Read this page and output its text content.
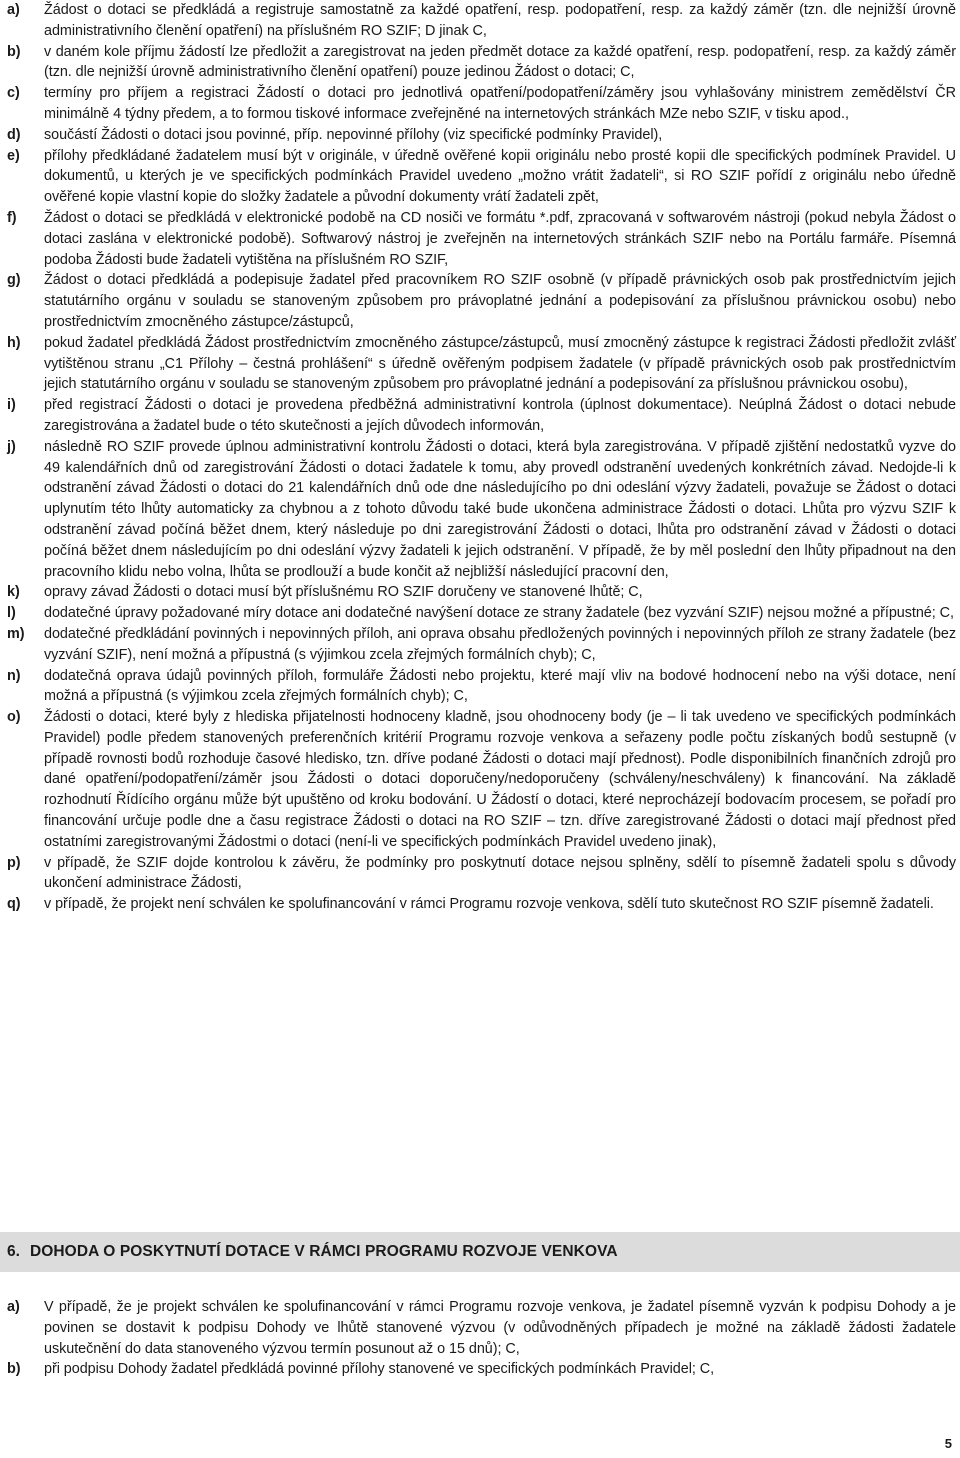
a)	Žádost o dotaci se předkládá a registruje samostatně za každé opatření, resp. podopatření, resp. za každý záměr (tzn. dle nejnižší úrovně administrativního členění opatření) na příslušném RO SZIF; D jinak C,
b)	v daném kole příjmu žádostí lze předložit a zaregistrovat na jeden předmět dotace za každé opatření, resp. podopatření, resp. za každý záměr (tzn. dle nejnižší úrovně administrativního členění opatření) pouze jedinou Žádost o dotaci; C,
c)	termíny pro příjem a registraci Žádostí o dotaci pro jednotlivá opatření/podopatření/záměry jsou vyhlašovány ministrem zemědělství ČR minimálně 4 týdny předem, a to formou tiskové informace zveřejněné na internetových stránkách MZe nebo SZIF, v tisku apod.,
d)	součástí Žádosti o dotaci jsou povinné, příp. nepovinné přílohy (viz specifické podmínky Pravidel),
e)	přílohy předkládané žadatelem musí být v originále, v úředně ověřené kopii originálu nebo prosté kopii dle specifických podmínek Pravidel. U dokumentů, u kterých je ve specifických podmínkách Pravidel uvedeno „možno vrátit žadateli“, si RO SZIF pořídí z originálu nebo úředně ověřené kopie vlastní kopie do složky žadatele a původní dokumenty vrátí žadateli zpět,
f)	Žádost o dotaci se předkládá v elektronické podobě na CD nosiči ve formátu *.pdf, zpracovaná v softwarovém nástroji (pokud nebyla Žádost o dotaci zaslána v elektronické podobě). Softwarový nástroj je zveřejněn na internetových stránkách SZIF nebo na Portálu farmáře. Písemná podoba Žádosti bude žadateli vytištěna na příslušném RO SZIF,
g)	Žádost o dotaci předkládá a podepisuje žadatel před pracovníkem RO SZIF osobně (v případě právnických osob pak prostřednictvím jejich statutárního orgánu v souladu se stanoveným způsobem pro právoplatné jednání a podepisování za příslušnou právnickou osobu) nebo prostřednictvím zmocněného zástupce/zástupců,
h)	pokud žadatel předkládá Žádost prostřednictvím zmocněného zástupce/zástupců, musí zmocněný zástupce k registraci Žádosti předložit zvlášť vytištěnou stranu „C1 Přílohy – čestná prohlášení“ s úředně ověřeným podpisem žadatele (v případě právnických osob pak prostřednictvím jejich statutárního orgánu v souladu se stanoveným způsobem pro právoplatné jednání a podepisování za příslušnou právnickou osobu),
i)	před registrací Žádosti o dotaci je provedena předběžná administrativní kontrola (úplnost dokumentace). Neúplná Žádost o dotaci nebude zaregistrována a žadatel bude o této skutečnosti a jejích důvodech informován,
j)	následně RO SZIF provede úplnou administrativní kontrolu Žádosti o dotaci, která byla zaregistrována. V případě zjištění nedostatků vyzve do 49 kalendářních dnů od zaregistrování Žádosti o dotaci žadatele k tomu, aby provedl odstranění uvedených konkrétních závad. Nedojde-li k odstranění závad Žádosti o dotaci do 21 kalendářních dnů ode dne následujícího po dni odeslání výzvy žadateli, považuje se Žádost o dotaci uplynutím této lhůty automaticky za chybnou a z tohoto důvodu také bude ukončena administrace Žádosti o dotaci. Lhůta pro výzvu SZIF k odstranění závad počíná běžet dnem, který následuje po dni zaregistrování Žádosti o dotaci, lhůta pro odstranění závad v Žádosti o dotaci počíná běžet dnem následujícím po dni odeslání výzvy žadateli k jejich odstranění. V případě, že by měl poslední den lhůty připadnout na den pracovního klidu nebo volna, lhůta se prodlouží a bude končit až nejbližší následující pracovní den,
k)	opravy závad Žádosti o dotaci musí být příslušnému RO SZIF doručeny ve stanovené lhůtě; C,
l)	dodatečné úpravy požadované míry dotace ani dodatečné navýšení dotace ze strany žadatele (bez vyzvání SZIF) nejsou možné a přípustné; C,
m)	dodatečné předkládání povinných i nepovinných příloh, ani oprava obsahu předložených povinných i nepovinných příloh ze strany žadatele (bez vyzvání SZIF), není možná a přípustná (s výjimkou zcela zřejmých formálních chyb); C,
n)	dodatečná oprava údajů povinných příloh, formuláře Žádosti nebo projektu, které mají vliv na bodové hodnocení nebo na výši dotace, není možná a přípustná (s výjimkou zcela zřejmých formálních chyb); C,
o)	Žádosti o dotaci, které byly z hlediska přijatelnosti hodnoceny kladně, jsou ohodnoceny body (je – li tak uvedeno ve specifických podmínkách Pravidel) podle předem stanovených preferenčních kritérií Programu rozvoje venkova a seřazeny podle počtu získaných bodů sestupně (v případě rovnosti bodů rozhoduje časové hledisko, tzn. dříve podané Žádosti o dotaci mají přednost). Podle disponibilních finančních zdrojů pro dané opatření/podopatření/záměr jsou Žádosti o dotaci doporučeny/nedoporučeny (schváleny/neschváleny) k financování. Na základě rozhodnutí Řídícího orgánu může být upuštěno od kroku bodování. U Žádostí o dotaci, které neprocházejí bodovacím procesem, se pořadí pro financování určuje podle dne a času registrace Žádosti o dotaci na RO SZIF – tzn. dříve zaregistrované Žádosti o dotaci mají přednost před ostatními zaregistrovanými Žádostmi o dotaci (není-li ve specifických podmínkách Pravidel uvedeno jinak),
p)	v případě, že SZIF dojde kontrolou k závěru, že podmínky pro poskytnutí dotace nejsou splněny, sdělí to písemně žadateli spolu s důvody ukončení administrace Žádosti,
q)	v případě, že projekt není schválen ke spolufinancování v rámci Programu rozvoje venkova, sdělí tuto skutečnost RO SZIF písemně žadateli.
6. DOHODA O POSKYTNUTÍ DOTACE V RÁMCI PROGRAMU ROZVOJE VENKOVA
a)	V případě, že je projekt schválen ke spolufinancování v rámci Programu rozvoje venkova, je žadatel písemně vyzván k podpisu Dohody a je povinen se dostavit k podpisu Dohody ve lhůtě stanovené výzvou (v odůvodněných případech je možné na základě žádosti žadatele uskutečnění do data stanoveného výzvou termín posunout až o 15 dnů); C,
b)	při podpisu Dohody žadatel předkládá povinné přílohy stanovené ve specifických podmínkách Pravidel; C,
5
